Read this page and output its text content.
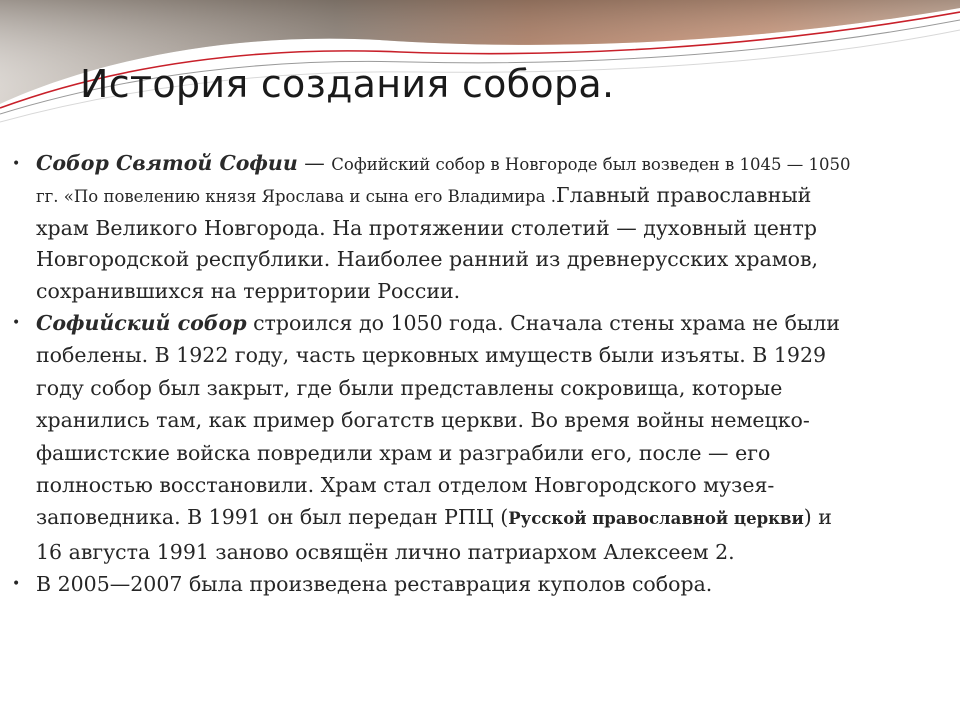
История создания собора.
• Собор Святой Софии — Софийский собор в Новгороде был возведен в 1045 — 1050 гг. «По повелению князя Ярослава и сына его Владимира .Главный православный храм Великого Новгорода. На протяжении столетий — духовный центр Новгородской республики. Наиболее ранний из древнерусских храмов, сохранившихся на территории России.
• Софийский собор строился до 1050 года. Сначала стены храма не были побелены. В 1922 году, часть церковных имуществ были изъяты. В 1929 году собор был закрыт, где были представлены сокровища, которые хранились там, как пример богатств церкви. Во время войны немецко-фашистские войска повредили храм и разграбили его, после — его полностью восстановили. Храм стал отделом Новгородского музея- заповедника. В 1991 он был передан РПЦ (Русской православной церкви) и 16 августа 1991 заново освящён лично патриархом Алексеем 2.
• В 2005—2007 была произведена реставрация куполов собора.
